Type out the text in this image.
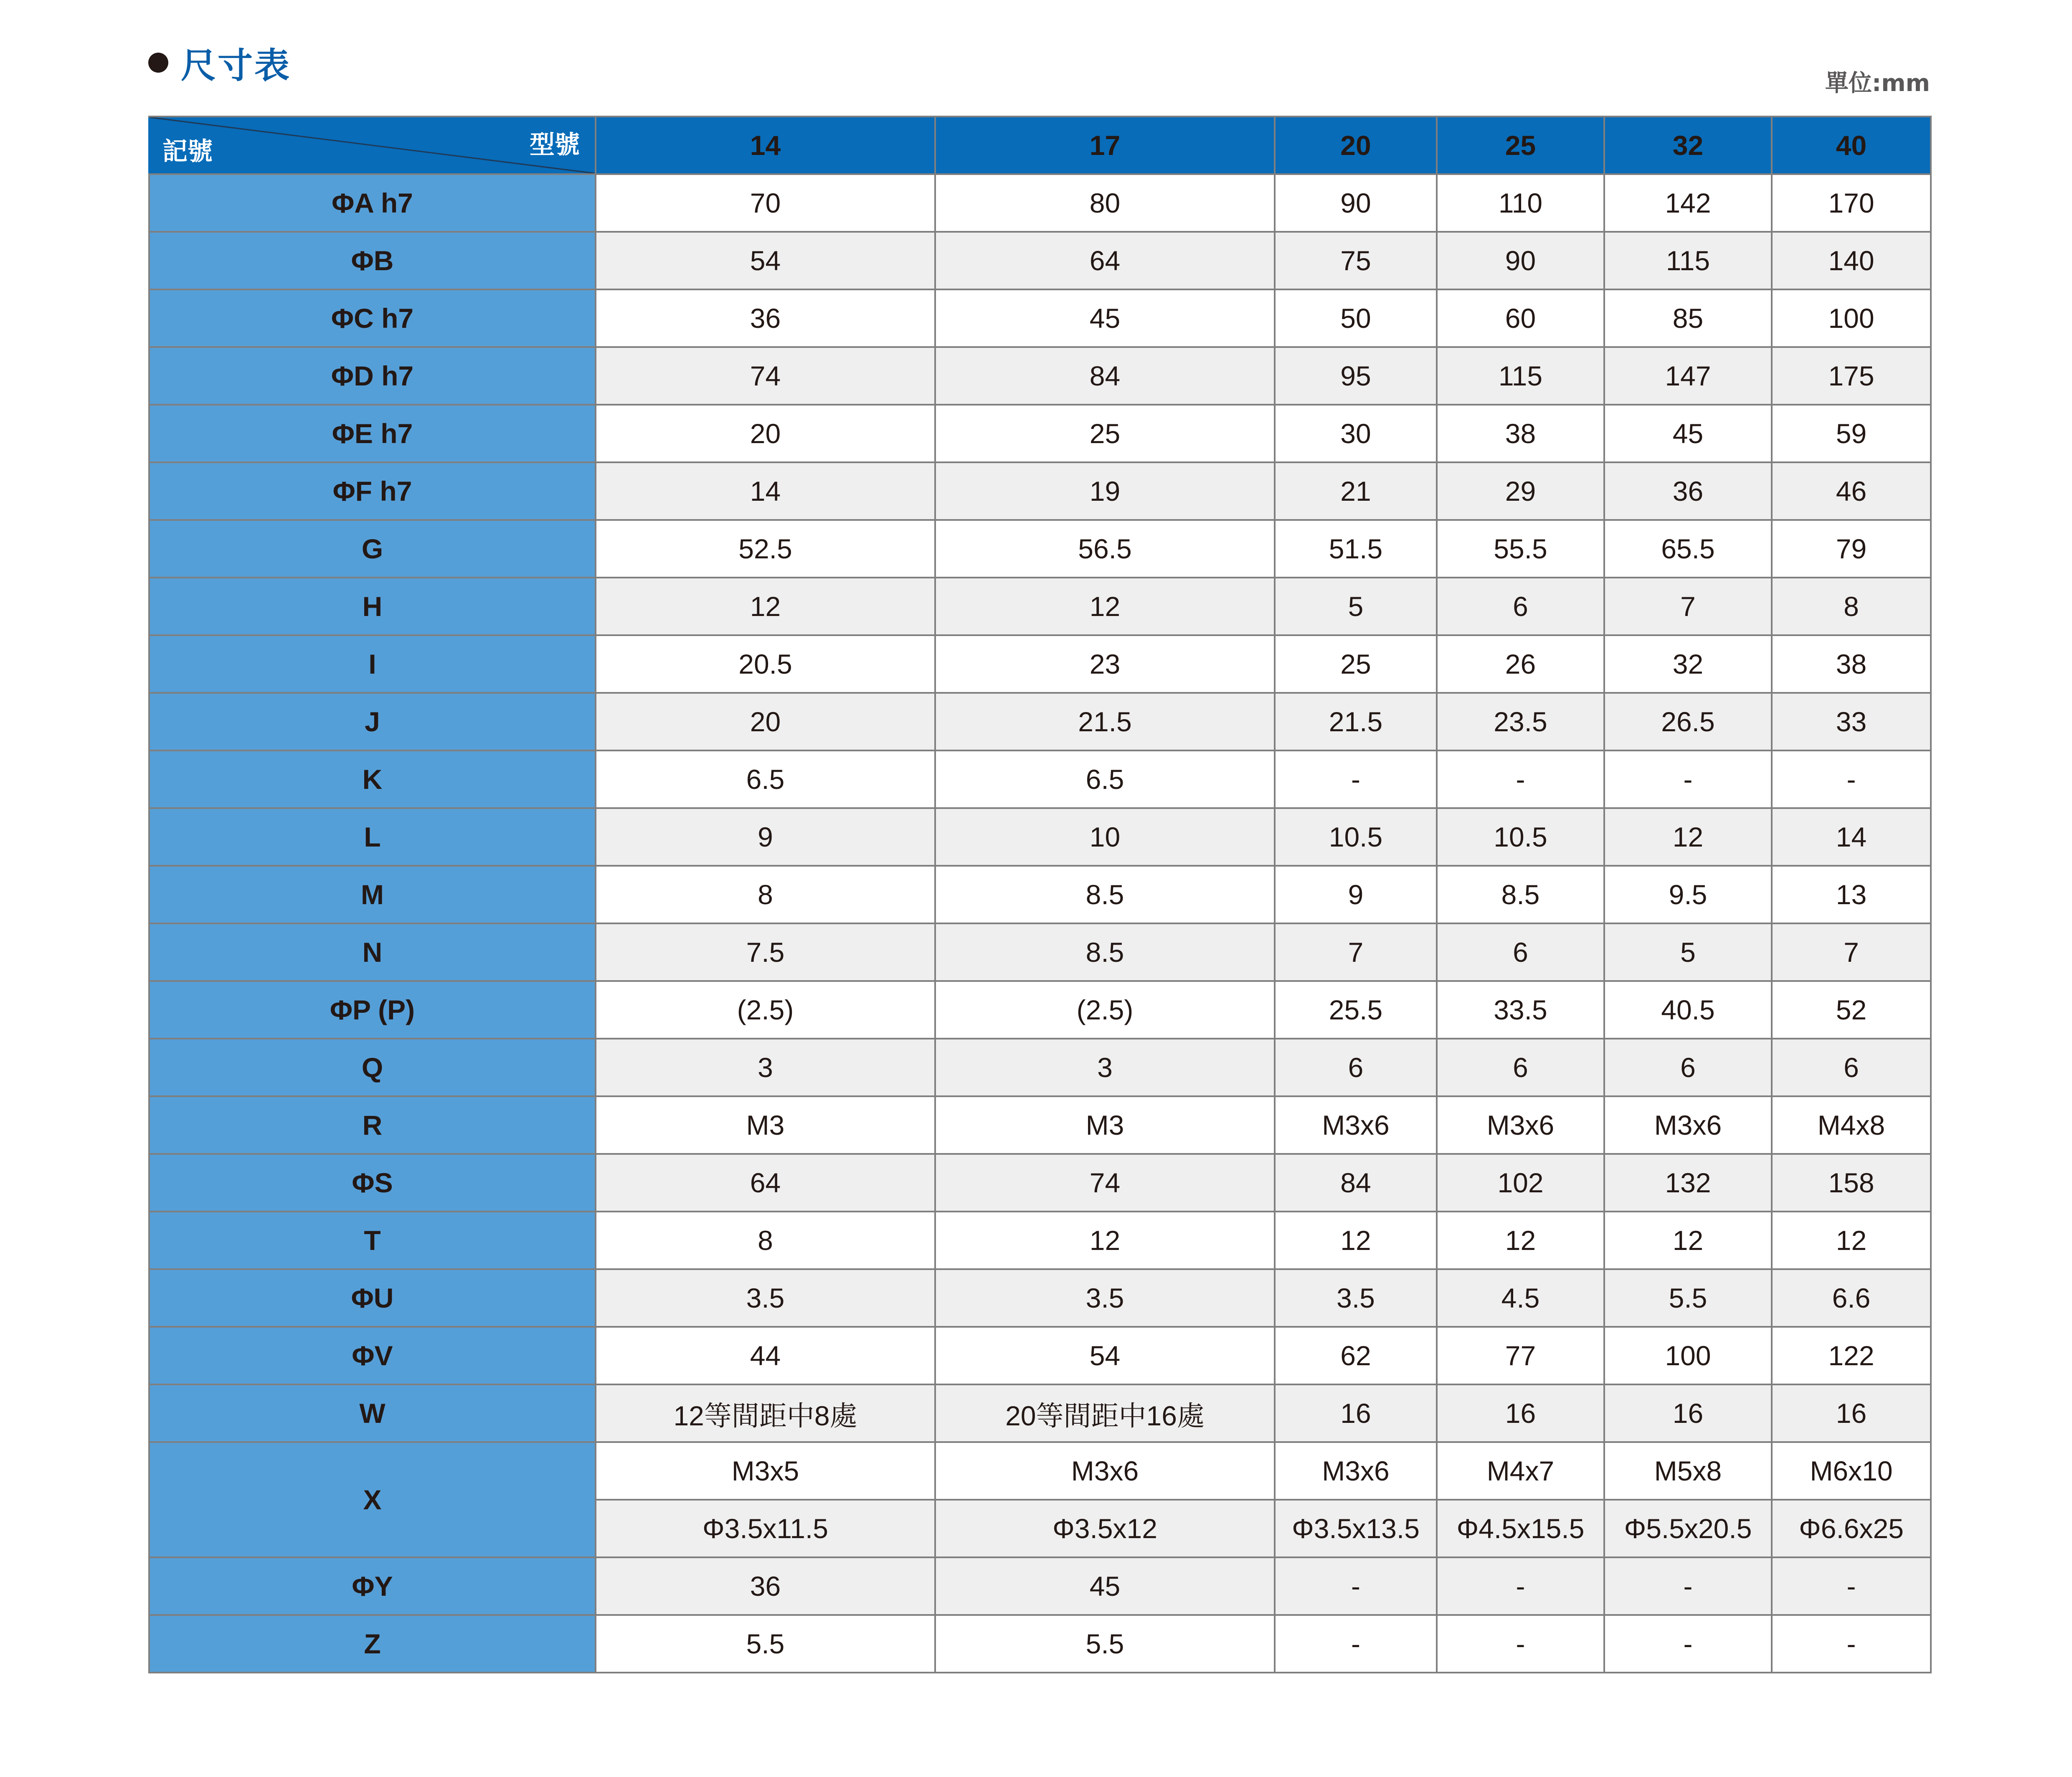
尺寸表	單位:mm
型號
記號	14	17	20	25	32	40
ΦA h7	70	80	90	110	142	170
ΦB	54	64	75	90	115	140
ΦC h7	36	45	50	60	85	100
ΦD h7	74	84	95	115	147	175
ΦE h7	20	25	30	38	45	59
ΦF h7	14	19	21	29	36	46
G	52.5	56.5	51.5	55.5	65.5	79
H	12	12	5	6	7	8
I	20.5	23	25	26	32	38
J	20	21.5	21.5	23.5	26.5	33
K	6.5	6.5	-	-	-	-
L	9	10	10.5	10.5	12	14
M	8	8.5	9	8.5	9.5	13
N	7.5	8.5	7	6	5	7
ΦP (P)	(2.5)	(2.5)	25.5	33.5	40.5	52
Q	3	3	6	6	6	6
R	M3	M3	M3x6	M3x6	M3x6	M4x8
ΦS	64	74	84	102	132	158
T	8	12	12	12	12	12
ΦU	3.5	3.5	3.5	4.5	5.5	6.6
ΦV	44	54	62	77	100	122
W	12等間距中8處	20等間距中16處	16	16	16	16
X	M3x5	M3x6	M3x6	M4x7	M5x8	M6x10
	Φ3.5x11.5	Φ3.5x12	Φ3.5x13.5	Φ4.5x15.5	Φ5.5x20.5	Φ6.6x25
ΦY	36	45	-	-	-	-
Z	5.5	5.5	-	-	-	-
